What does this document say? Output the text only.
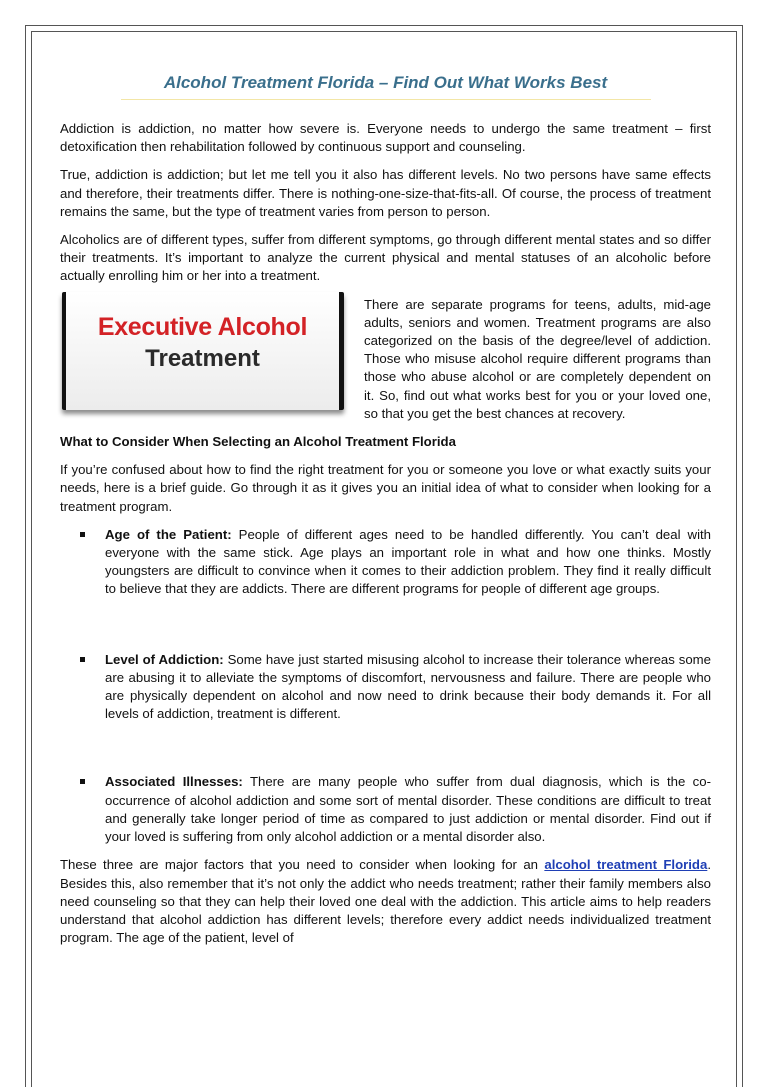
Alcohol Treatment Florida – Find Out What Works Best

Addiction is addiction, no matter how severe is. Everyone needs to undergo the same treatment – first detoxification then rehabilitation followed by continuous support and counseling.

True, addiction is addiction; but let me tell you it also has different levels. No two persons have same effects and therefore, their treatments differ. There is nothing-one-size-that-fits-all. Of course, the process of treatment remains the same, but the type of treatment varies from person to person.

Alcoholics are of different types, suffer from different symptoms, go through different mental states and so differ their treatments. It’s important to analyze the current physical and mental statuses of an alcoholic before actually enrolling him or her into a treatment.

Executive Alcohol
Treatment

There are separate programs for teens, adults, mid-age adults, seniors and women. Treatment programs are also categorized on the basis of the degree/level of addiction. Those who misuse alcohol require different programs than those who abuse alcohol or are completely dependent on it. So, find out what works best for you or your loved one, so that you get the best chances at recovery.

What to Consider When Selecting an Alcohol Treatment Florida

If you’re confused about how to find the right treatment for you or someone you love or what exactly suits your needs, here is a brief guide. Go through it as it gives you an initial idea of what to consider when looking for a treatment program.

Age of the Patient: People of different ages need to be handled differently. You can’t deal with everyone with the same stick. Age plays an important role in what and how one thinks. Mostly youngsters are difficult to convince when it comes to their addiction problem. They find it really difficult to believe that they are addicts. There are different programs for people of different age groups.
Level of Addiction: Some have just started misusing alcohol to increase their tolerance whereas some are abusing it to alleviate the symptoms of discomfort, nervousness and failure. There are people who are physically dependent on alcohol and now need to drink because their body demands it. For all levels of addiction, treatment is different.
Associated Illnesses: There are many people who suffer from dual diagnosis, which is the co-occurrence of alcohol addiction and some sort of mental disorder. These conditions are difficult to treat and generally take longer period of time as compared to just addiction or mental disorder. Find out if your loved is suffering from only alcohol addiction or a mental disorder also.

These three are major factors that you need to consider when looking for an alcohol treatment Florida. Besides this, also remember that it’s not only the addict who needs treatment; rather their family members also need counseling so that they can help their loved one deal with the addiction. This article aims to help readers understand that alcohol addiction has different levels; therefore every addict needs individualized treatment program. The age of the patient, level of
